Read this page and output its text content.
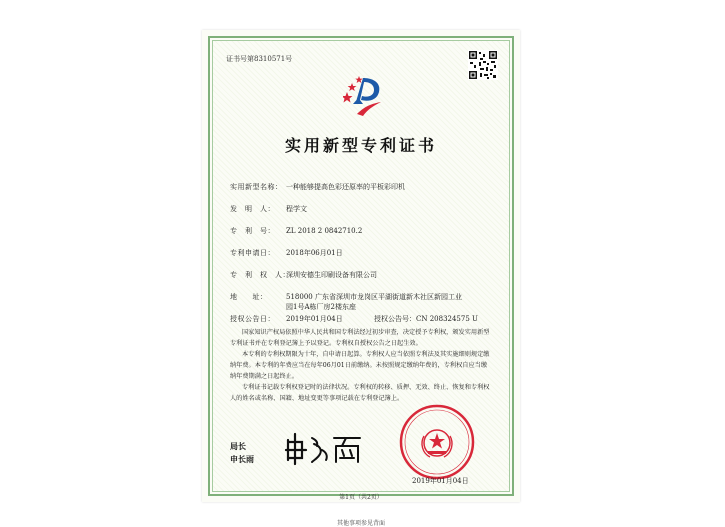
证书号第8310571号
实用新型专利证书
实用新型名称： 一种能够提高色彩还原率的平板彩印机
发　明　人： 程学文
专　利　号： ZL 2018 2 0842710.2
专利申请日： 2018年06月01日
专　利　权　人：深圳安德生印刷设备有限公司
地　　址：	518000 广东省深圳市龙岗区平湖街道新木社区新园工业
园1号A栋厂房2楼东座
授权公告日： 2019年01月04日	授权公告号：CN 208324575 U
国家知识产权局依照中华人民共和国专利法经过初步审查，决定授予专利权，颁发实用新型专利证书并在专利登记簿上予以登记。专利权自授权公告之日起生效。
本专利的专利权期限为十年，自申请日起算。专利权人应当依照专利法及其实施细则规定缴纳年费。本专利的年费应当在每年06月01日前缴纳。未按照规定缴纳年费的，专利权自应当缴纳年费期满之日起终止。
专利证书记载专利权登记时的法律状况。专利权的转移、质押、无效、终止、恢复和专利权人的姓名或名称、国籍、地址变更等事项记载在专利登记簿上。
局长
申长雨
2019年01月04日
第1页（共2页）
其他事项参见背面
